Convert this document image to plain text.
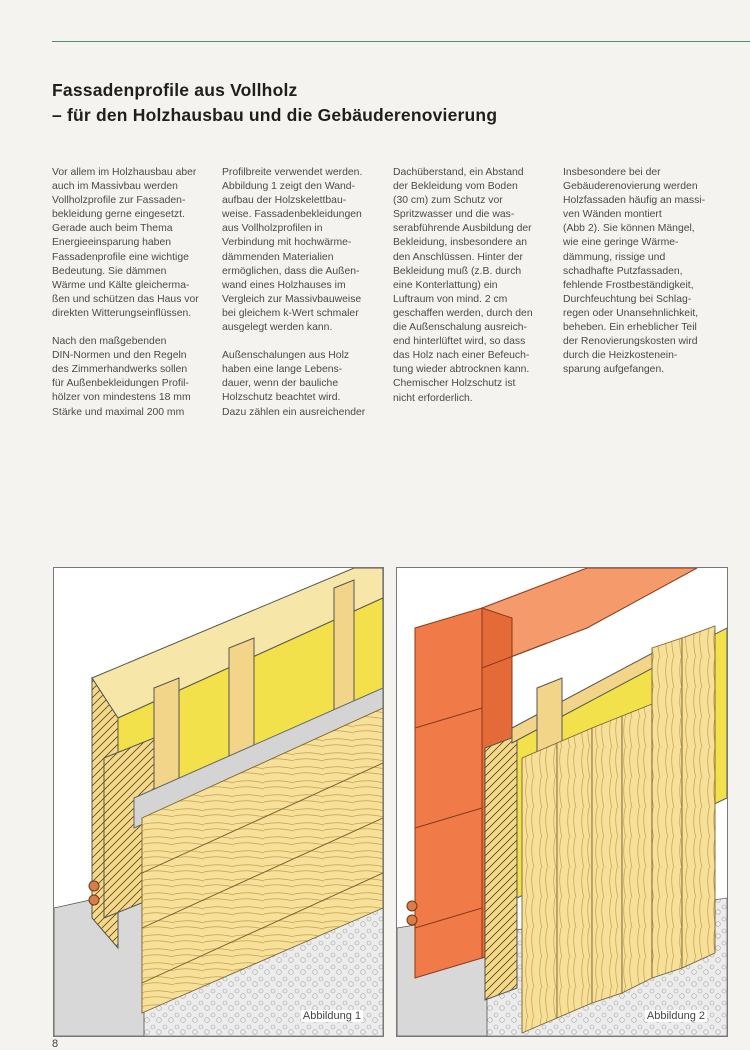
Fassadenprofile aus Vollholz
– für den Holzhausbau und die Gebäuderenovierung

Vor allem im Holzhausbau aber
auch im Massivbau werden
Vollholzprofile zur Fassaden-
bekleidung gerne eingesetzt.
Gerade auch beim Thema
Energieeinsparung haben
Fassadenprofile eine wichtige
Bedeutung. Sie dämmen
Wärme und Kälte gleicherma-
ßen und schützen das Haus vor
direkten Witterungseinflüssen.

Nach den maßgebenden
DIN-Normen und den Regeln
des Zimmerhandwerks sollen
für Außenbekleidungen Profil-
hölzer von mindestens 18 mm
Stärke und maximal 200 mm

Profilbreite verwendet werden.
Abbildung 1 zeigt den Wand-
aufbau der Holzskelettbau-
weise. Fassadenbekleidungen
aus Vollholzprofilen in
Verbindung mit hochwärme-
dämmenden Materialien
ermöglichen, dass die Außen-
wand eines Holzhauses im
Vergleich zur Massivbauweise
bei gleichem k-Wert schmaler
ausgelegt werden kann.

Außenschalungen aus Holz
haben eine lange Lebens-
dauer, wenn der bauliche
Holzschutz beachtet wird.
Dazu zählen ein ausreichender

Dachüberstand, ein Abstand
der Bekleidung vom Boden
(30 cm) zum Schutz vor
Spritzwasser und die was-
serabführende Ausbildung der
Bekleidung, insbesondere an
den Anschlüssen. Hinter der
Bekleidung muß (z.B. durch
eine Konterlattung) ein
Luftraum von mind. 2 cm
geschaffen werden, durch den
die Außenschalung ausreich-
end hinterlüftet wird, so dass
das Holz nach einer Befeuch-
tung wieder abtrocknen kann.
Chemischer Holzschutz ist
nicht erforderlich.

Insbesondere bei der
Gebäuderenovierung werden
Holzfassaden häufig an massi-
ven Wänden montiert
(Abb 2). Sie können Mängel,
wie eine geringe Wärme-
dämmung, rissige und
schadhafte Putzfassaden,
fehlende Frostbeständigkeit,
Durchfeuchtung bei Schlag-
regen oder Unansehnlichkeit,
beheben. Ein erheblicher Teil
der Renovierungskosten wird
durch die Heizkostenein-
sparung aufgefangen.

Abbildung 1	Abbildung 2
8
